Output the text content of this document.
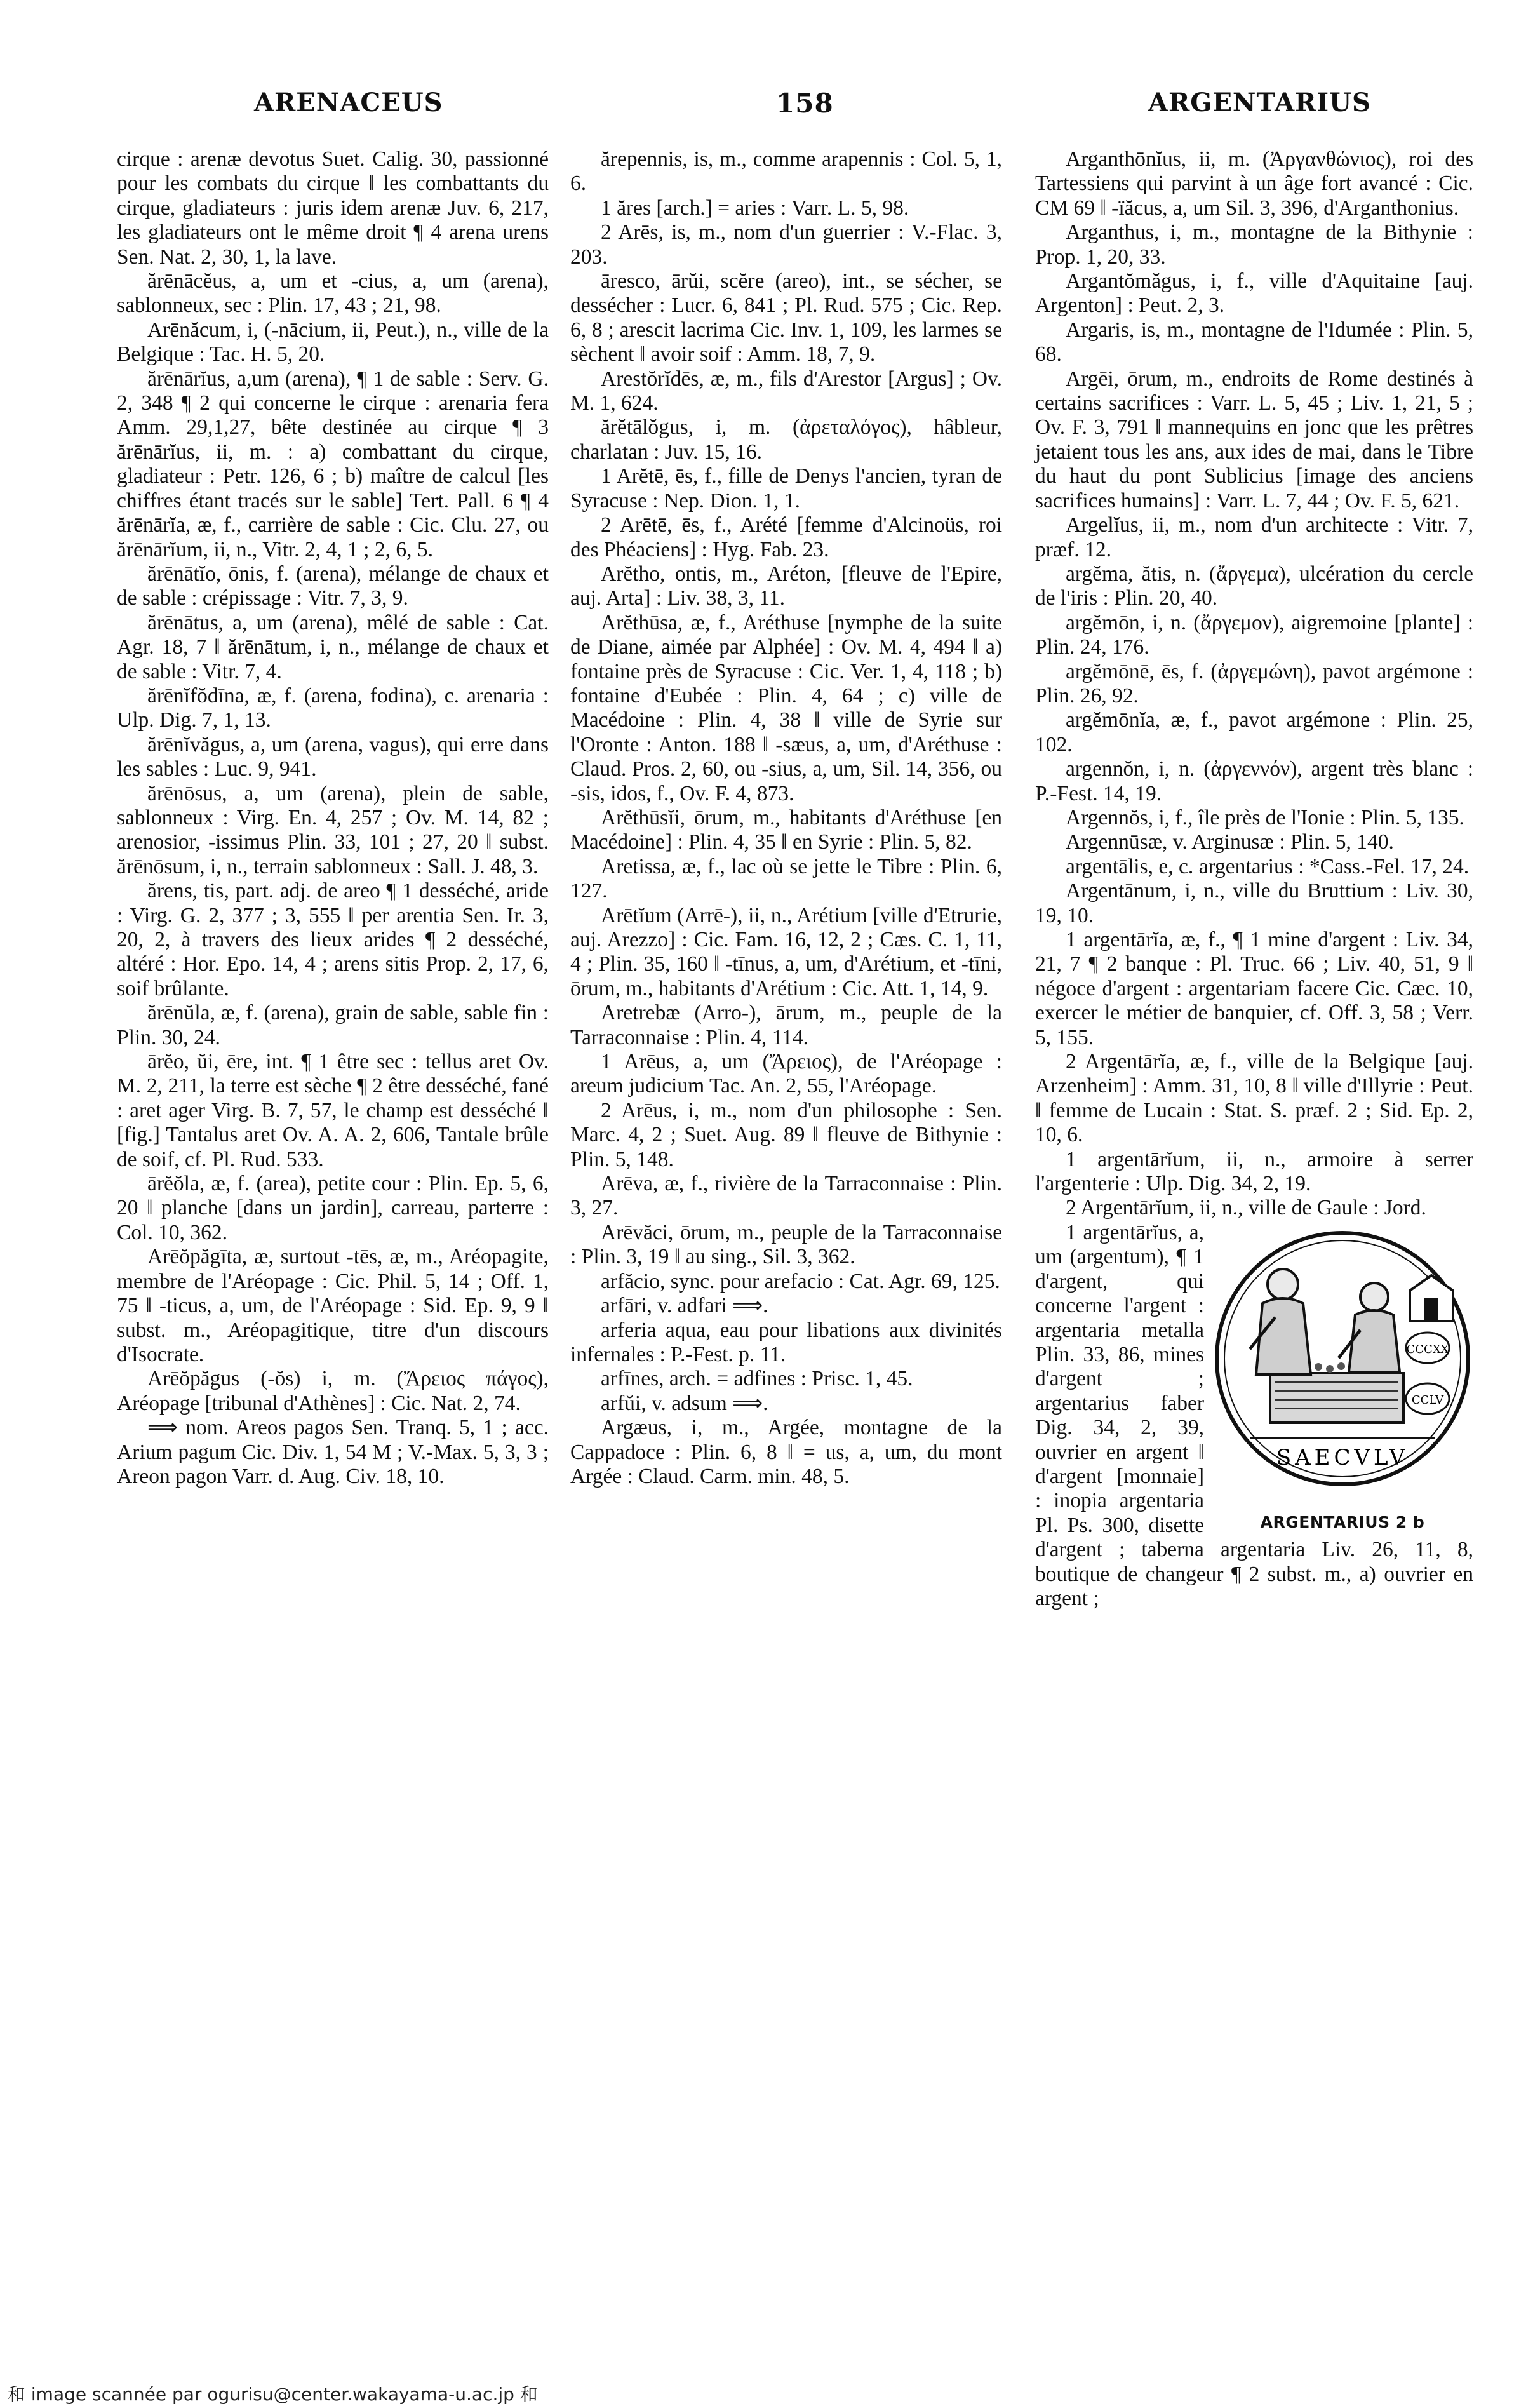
ARENACEUS	158	ARGENTARIUS

cirque : arenæ devotus Suet. Calig. 30, passionné pour les combats du cirque ‖ les combattants du cirque, gladiateurs : juris idem arenæ Juv. 6, 217, les gladiateurs ont le même droit ¶ 4 arena urens Sen. Nat. 2, 30, 1, la lave.

ărēnācĕus, a, um et -cius, a, um (arena), sablonneux, sec : Plin. 17, 43 ; 21, 98.

Arēnăcum, i, (-nācium, ii, Peut.), n., ville de la Belgique : Tac. H. 5, 20.

ărēnārĭus, a,um (arena), ¶ 1 de sable : Serv. G. 2, 348 ¶ 2 qui concerne le cirque : arenaria fera Amm. 29,1,27, bête destinée au cirque ¶ 3 ărēnārĭus, ii, m. : a) combattant du cirque, gladiateur : Petr. 126, 6 ; b) maître de calcul [les chiffres étant tracés sur le sable] Tert. Pall. 6 ¶ 4 ărēnārĭa, æ, f., carrière de sable : Cic. Clu. 27, ou ărēnārĭum, ii, n., Vitr. 2, 4, 1 ; 2, 6, 5.

ărēnātĭo, ōnis, f. (arena), mélange de chaux et de sable : crépissage : Vitr. 7, 3, 9.

ărēnātus, a, um (arena), mêlé de sable : Cat. Agr. 18, 7 ‖ ărēnātum, i, n., mélange de chaux et de sable : Vitr. 7, 4.

ărēnĭfŏdīna, æ, f. (arena, fodina), c. arenaria : Ulp. Dig. 7, 1, 13.

ărēnĭvăgus, a, um (arena, vagus), qui erre dans les sables : Luc. 9, 941.

ărēnōsus, a, um (arena), plein de sable, sablonneux : Virg. En. 4, 257 ; Ov. M. 14, 82 ; arenosior, -issimus Plin. 33, 101 ; 27, 20 ‖ subst. ărēnōsum, i, n., terrain sablonneux : Sall. J. 48, 3.

ărens, tis, part. adj. de areo ¶ 1 desséché, aride : Virg. G. 2, 377 ; 3, 555 ‖ per arentia Sen. Ir. 3, 20, 2, à travers des lieux arides ¶ 2 desséché, altéré : Hor. Epo. 14, 4 ; arens sitis Prop. 2, 17, 6, soif brûlante.

ărēnŭla, æ, f. (arena), grain de sable, sable fin : Plin. 30, 24.

ārĕo, ŭi, ēre, int. ¶ 1 être sec : tellus aret Ov. M. 2, 211, la terre est sèche ¶ 2 être desséché, fané : aret ager Virg. B. 7, 57, le champ est desséché ‖ [fig.] Tantalus aret Ov. A. A. 2, 606, Tantale brûle de soif, cf. Pl. Rud. 533.

ārĕŏla, æ, f. (area), petite cour : Plin. Ep. 5, 6, 20 ‖ planche [dans un jardin], carreau, parterre : Col. 10, 362.

Arēŏpăgīta, æ, surtout -tēs, æ, m., Aréopagite, membre de l'Aréopage : Cic. Phil. 5, 14 ; Off. 1, 75 ‖ -ticus, a, um, de l'Aréopage : Sid. Ep. 9, 9 ‖ subst. m., Aréopagitique, titre d'un discours d'Isocrate.

Arēŏpăgus (-ŏs) i, m. (Ἄρειος πάγος), Aréopage [tribunal d'Athènes] : Cic. Nat. 2, 74.

⟹ nom. Areos pagos Sen. Tranq. 5, 1 ; acc. Arium pagum Cic. Div. 1, 54 M ; V.-Max. 5, 3, 3 ; Areon pagon Varr. d. Aug. Civ. 18, 10.

ărepennis, is, m., comme arapennis : Col. 5, 1, 6.

1 ăres [arch.] = aries : Varr. L. 5, 98.

2 Arēs, is, m., nom d'un guerrier : V.-Flac. 3, 203.

āresco, ārŭi, scĕre (areo), int., se sécher, se dessécher : Lucr. 6, 841 ; Pl. Rud. 575 ; Cic. Rep. 6, 8 ; arescit lacrima Cic. Inv. 1, 109, les larmes se sèchent ‖ avoir soif : Amm. 18, 7, 9.

Arestŏrĭdēs, æ, m., fils d'Arestor [Argus] ; Ov. M. 1, 624.

ărĕtālŏgus, i, m. (ἀρεταλόγος), hâbleur, charlatan : Juv. 15, 16.

1 Arĕtē, ēs, f., fille de Denys l'ancien, tyran de Syracuse : Nep. Dion. 1, 1.

2 Arētē, ēs, f., Arété [femme d'Alcinoüs, roi des Phéaciens] : Hyg. Fab. 23.

Arĕtho, ontis, m., Aréton, [fleuve de l'Epire, auj. Arta] : Liv. 38, 3, 11.

Arĕthūsa, æ, f., Aréthuse [nymphe de la suite de Diane, aimée par Alphée] : Ov. M. 4, 494 ‖ a) fontaine près de Syracuse : Cic. Ver. 1, 4, 118 ; b) fontaine d'Eubée : Plin. 4, 64 ; c) ville de Macédoine : Plin. 4, 38 ‖ ville de Syrie sur l'Oronte : Anton. 188 ‖ -sæus, a, um, d'Aréthuse : Claud. Pros. 2, 60, ou -sius, a, um, Sil. 14, 356, ou -sis, idos, f., Ov. F. 4, 873.

Arĕthūsĭi, ōrum, m., habitants d'Aréthuse [en Macédoine] : Plin. 4, 35 ‖ en Syrie : Plin. 5, 82.

Aretissa, æ, f., lac où se jette le Tibre : Plin. 6, 127.

Arētĭum (Arrē-), ii, n., Arétium [ville d'Etrurie, auj. Arezzo] : Cic. Fam. 16, 12, 2 ; Cæs. C. 1, 11, 4 ; Plin. 35, 160 ‖ -tīnus, a, um, d'Arétium, et -tīni, ōrum, m., habitants d'Arétium : Cic. Att. 1, 14, 9.

Aretrebæ (Arro-), ārum, m., peuple de la Tarraconnaise : Plin. 4, 114.

1 Arēus, a, um (Ἄρειος), de l'Aréopage : areum judicium Tac. An. 2, 55, l'Aréopage.

2 Arēus, i, m., nom d'un philosophe : Sen. Marc. 4, 2 ; Suet. Aug. 89 ‖ fleuve de Bithynie : Plin. 5, 148.

Arēva, æ, f., rivière de la Tarraconnaise : Plin. 3, 27.

Arēvăci, ōrum, m., peuple de la Tarraconnaise : Plin. 3, 19 ‖ au sing., Sil. 3, 362.

arfăcio, sync. pour arefacio : Cat. Agr. 69, 125.

arfāri, v. adfari ⟹.

arferia aqua, eau pour libations aux divinités infernales : P.-Fest. p. 11.

arfīnes, arch. = adfines : Prisc. 1, 45.

arfŭi, v. adsum ⟹.

Argæus, i, m., Argée, montagne de la Cappadoce : Plin. 6, 8 ‖ = us, a, um, du mont Argée : Claud. Carm. min. 48, 5.

Arganthōnĭus, ii, m. (Ἀργανθώνιος), roi des Tartessiens qui parvint à un âge fort avancé : Cic. CM 69 ‖ -ïăcus, a, um Sil. 3, 396, d'Arganthonius.

Arganthus, i, m., montagne de la Bithynie : Prop. 1, 20, 33.

Argantŏmăgus, i, f., ville d'Aquitaine [auj. Argenton] : Peut. 2, 3.

Argaris, is, m., montagne de l'Idumée : Plin. 5, 68.

Argēi, ōrum, m., endroits de Rome destinés à certains sacrifices : Varr. L. 5, 45 ; Liv. 1, 21, 5 ; Ov. F. 3, 791 ‖ mannequins en jonc que les prêtres jetaient tous les ans, aux ides de mai, dans le Tibre du haut du pont Sublicius [image des anciens sacrifices humains] : Varr. L. 7, 44 ; Ov. F. 5, 621.

Argelĭus, ii, m., nom d'un architecte : Vitr. 7, præf. 12.

argĕma, ătis, n. (ἄργεμα), ulcération du cercle de l'iris : Plin. 20, 40.

argĕmōn, i, n. (ἄργεμον), aigremoine [plante] : Plin. 24, 176.

argĕmōnē, ēs, f. (ἀργεμώνη), pavot argémone : Plin. 26, 92.

argĕmōnĭa, æ, f., pavot argémone : Plin. 25, 102.

argennŏn, i, n. (ἀργεννόν), argent très blanc : P.-Fest. 14, 19.

Argennŏs, i, f., île près de l'Ionie : Plin. 5, 135.

Argennūsæ, v. Arginusæ : Plin. 5, 140.

argentālis, e, c. argentarius : *Cass.-Fel. 17, 24.

Argentānum, i, n., ville du Bruttium : Liv. 30, 19, 10.

1 argentārĭa, æ, f., ¶ 1 mine d'argent : Liv. 34, 21, 7 ¶ 2 banque : Pl. Truc. 66 ; Liv. 40, 51, 9 ‖ négoce d'argent : argentariam facere Cic. Cæc. 10, exercer le métier de banquier, cf. Off. 3, 58 ; Verr. 5, 155.

2 Argentārĭa, æ, f., ville de la Belgique [auj. Arzenheim] : Amm. 31, 10, 8 ‖ ville d'Illyrie : Peut. ‖ femme de Lucain : Stat. S. præf. 2 ; Sid. Ep. 2, 10, 6.

1 argentārĭum, ii, n., armoire à serrer l'argenterie : Ulp. Dig. 34, 2, 19.

2 Argentārĭum, ii, n., ville de Gaule : Jord.

CCCXX
CCLV
SAECVLV
ARGENTARIUS 2 b

1 argentārĭus, a, um (argentum), ¶ 1 d'argent, qui concerne l'argent : argentaria metalla Plin. 33, 86, mines d'argent ; argentarius faber Dig. 34, 2, 39, ouvrier en argent ‖ d'argent [monnaie] : inopia argentaria Pl. Ps. 300, disette d'argent ; taberna argentaria Liv. 26, 11, 8, boutique de changeur ¶ 2 subst. m., a) ouvrier en argent ;

和 image scannée par ogurisu@center.wakayama-u.ac.jp 和
